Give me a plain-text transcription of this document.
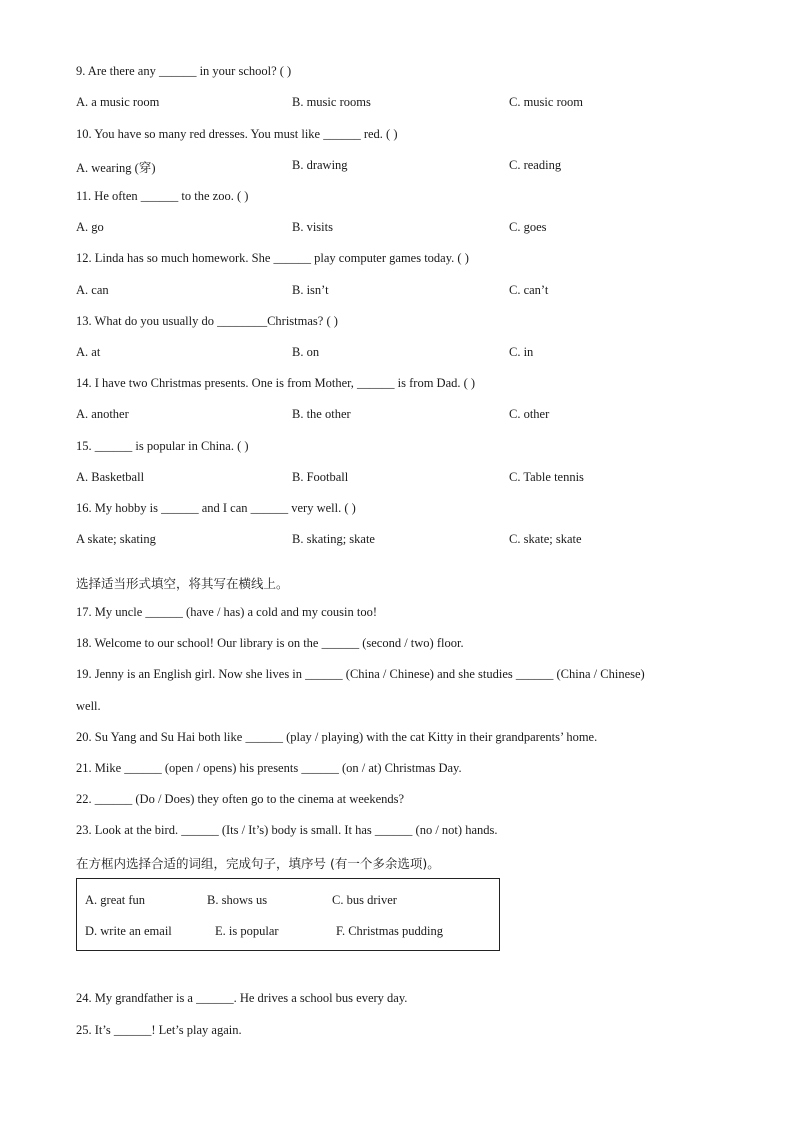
9. Are there any ______ in your school? ( )
A. a music room	B. music rooms	C. music room
10. You have so many red dresses. You must like ______ red. ( )
A. wearing (穿)	B. drawing	C. reading
11. He often ______ to the zoo. ( )
A. go	B. visits	C. goes
12. Linda has so much homework. She ______ play computer games today. ( )
A. can	B. isn’t	C. can’t
13. What do you usually do ________Christmas? ( )
A. at	B. on	C. in
14. I have two Christmas presents. One is from Mother, ______ is from Dad. ( )
A. another	B. the other	C. other
15. ______ is popular in China. ( )
A. Basketball	B. Football	C. Table tennis
16. My hobby is ______ and I can ______ very well. ( )
A skate; skating	B. skating; skate	C. skate; skate
选择适当形式填空，将其写在横线上。
17. My uncle ______ (have / has) a cold and my cousin too!
18. Welcome to our school! Our library is on the ______ (second / two) floor.
19. Jenny is an English girl. Now she lives in ______ (China / Chinese) and she studies ______ (China / Chinese)
well.
20. Su Yang and Su Hai both like ______ (play / playing) with the cat Kitty in their grandparents’ home.
21. Mike ______ (open / opens) his presents ______ (on / at) Christmas Day.
22. ______ (Do / Does) they often go to the cinema at weekends?
23. Look at the bird. ______ (Its / It’s) body is small. It has ______ (no / not) hands.
在方框内选择合适的词组，完成句子，填序号 (有一个多余选项)。
A. great fun	B. shows us	C. bus driver
D. write an email	E. is popular	F. Christmas pudding
24. My grandfather is a ______. He drives a school bus every day.
25. It’s ______! Let’s play again.
